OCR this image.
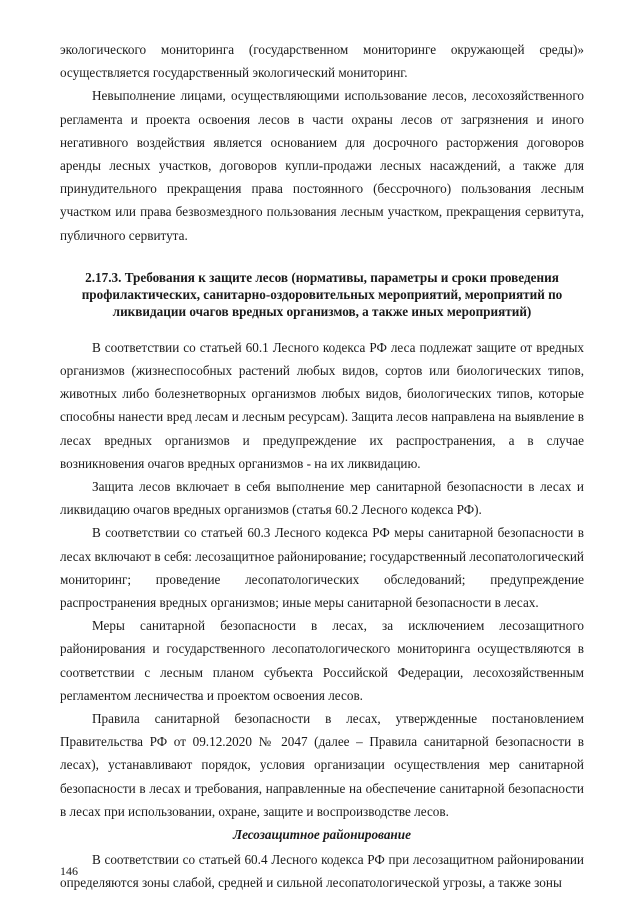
экологического мониторинга (государственном мониторинге окружающей среды)» осуществляется государственный экологический мониторинг.

Невыполнение лицами, осуществляющими использование лесов, лесохозяйственного регламента и проекта освоения лесов в части охраны лесов от загрязнения и иного негативного воздействия является основанием для досрочного расторжения договоров аренды лесных участков, договоров купли-продажи лесных насаждений, а также для принудительного прекращения права постоянного (бессрочного) пользования лесным участком или права безвозмездного пользования лесным участком, прекращения сервитута, публичного сервитута.

2.17.3. Требования к защите лесов (нормативы, параметры и сроки проведения профилактических, санитарно-оздоровительных мероприятий, мероприятий по ликвидации очагов вредных организмов, а также иных мероприятий)

В соответствии со статьей 60.1 Лесного кодекса РФ леса подлежат защите от вредных организмов (жизнеспособных растений любых видов, сортов или биологических типов, животных либо болезнетворных организмов любых видов, биологических типов, которые способны нанести вред лесам и лесным ресурсам). Защита лесов направлена на выявление в лесах вредных организмов и предупреждение их распространения, а в случае возникновения очагов вредных организмов - на их ликвидацию.

Защита лесов включает в себя выполнение мер санитарной безопасности в лесах и ликвидацию очагов вредных организмов (статья 60.2 Лесного кодекса РФ).

В соответствии со статьей 60.3 Лесного кодекса РФ меры санитарной безопасности в лесах включают в себя: лесозащитное районирование; государственный лесопатологический мониторинг; проведение лесопатологических обследований; предупреждение распространения вредных организмов; иные меры санитарной безопасности в лесах.

Меры санитарной безопасности в лесах, за исключением лесозащитного районирования и государственного лесопатологического мониторинга осуществляются в соответствии с лесным планом субъекта Российской Федерации, лесохозяйственным регламентом лесничества и проектом освоения лесов.

Правила санитарной безопасности в лесах, утвержденные постановлением Правительства РФ от 09.12.2020 № 2047 (далее – Правила санитарной безопасности в лесах), устанавливают порядок, условия организации осуществления мер санитарной безопасности в лесах и требования, направленные на обеспечение санитарной безопасности в лесах при использовании, охране, защите и воспроизводстве лесов.

Лесозащитное районирование

В соответствии со статьей 60.4 Лесного кодекса РФ при лесозащитном районировании определяются зоны слабой, средней и сильной лесопатологической угрозы, а также зоны

146
